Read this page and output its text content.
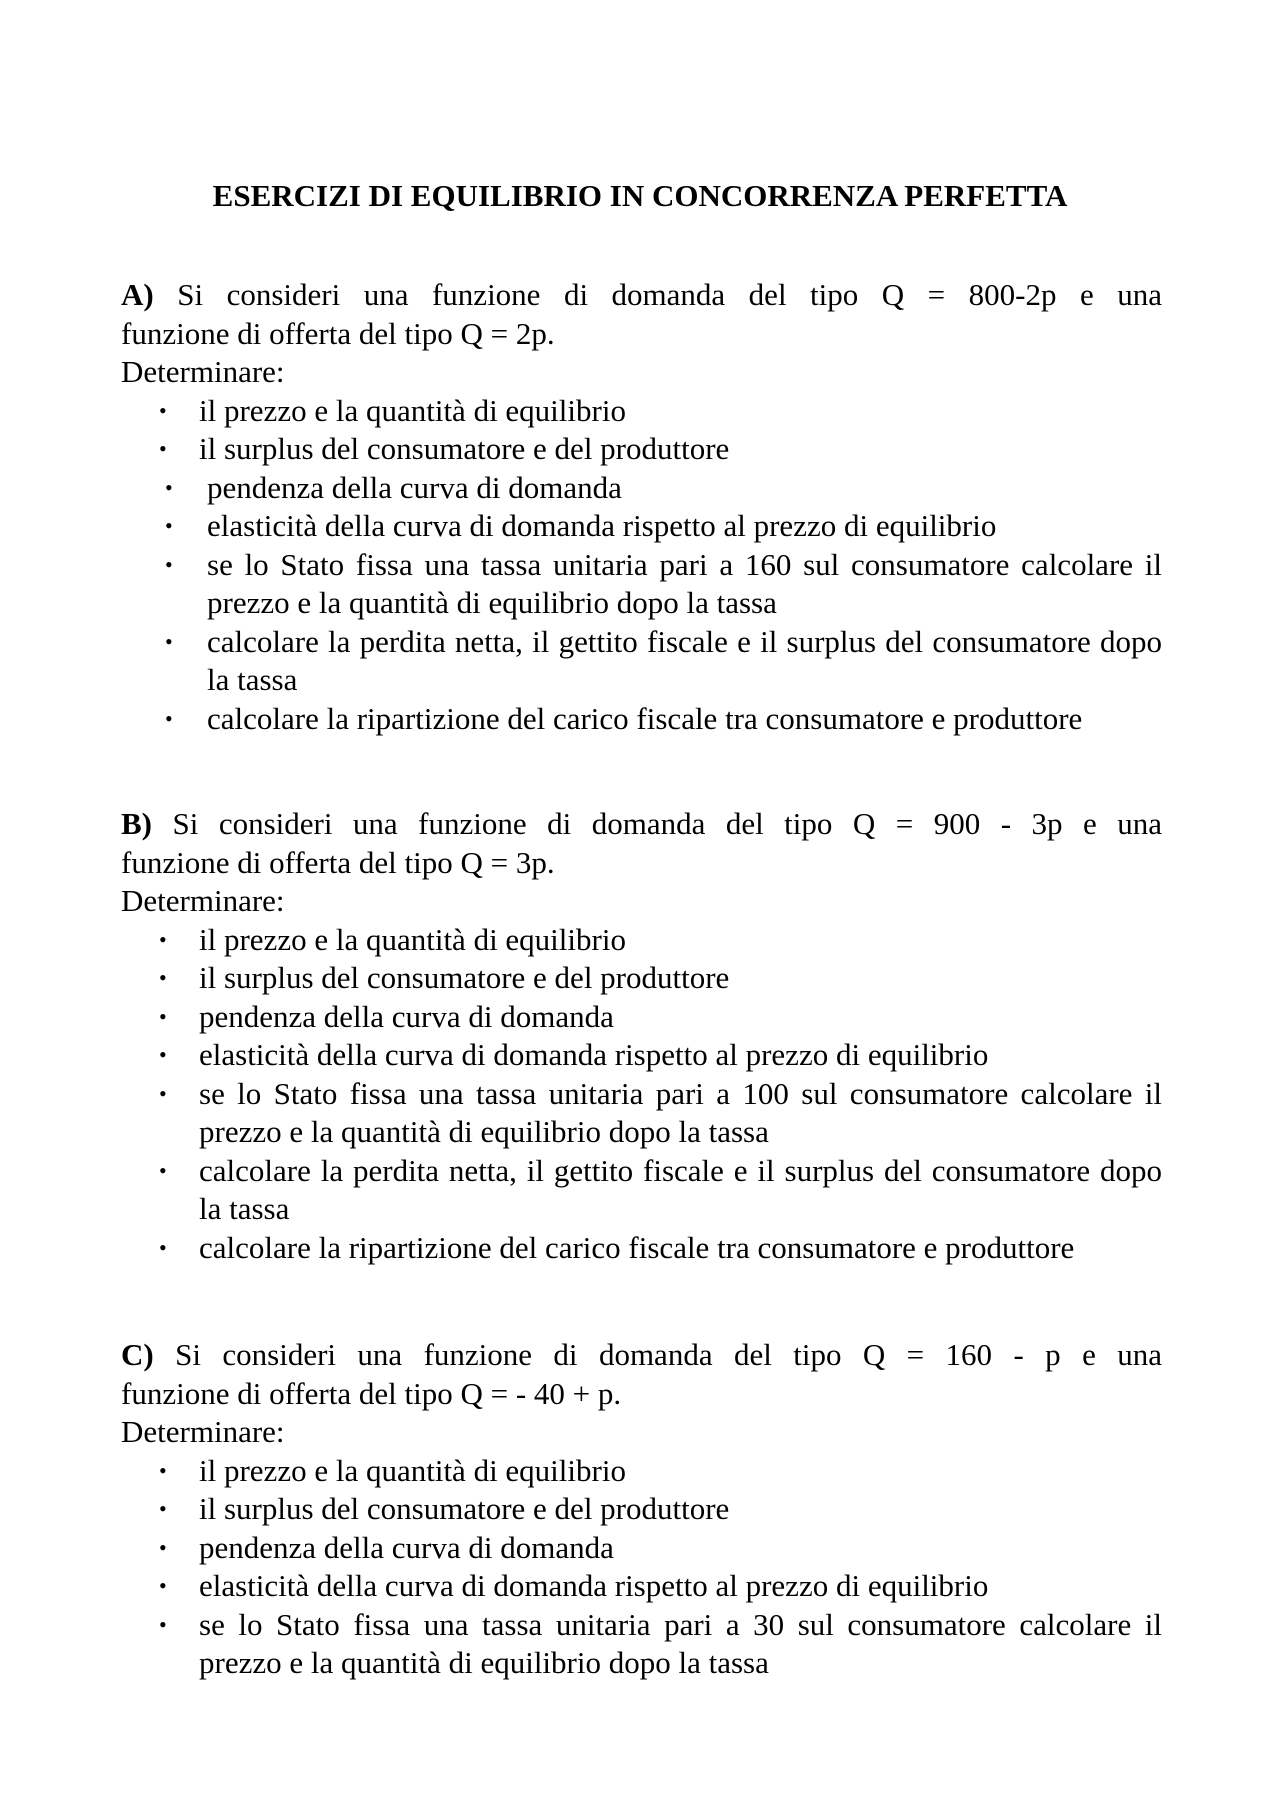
ESERCIZI DI EQUILIBRIO IN CONCORRENZA PERFETTA

A) Si consideri una funzione di domanda del tipo Q = 800-2p e una
funzione di offerta del tipo Q = 2p.

Determinare:

• il prezzo e la quantità di equilibrio
• il surplus del consumatore e del produttore
• pendenza della curva di domanda
• elasticità della curva di domanda rispetto al prezzo di equilibrio
• se lo Stato fissa una tassa unitaria pari a 160 sul consumatore calcolare il prezzo e la quantità di equilibrio dopo la tassa
• calcolare la perdita netta, il gettito fiscale e il surplus del consumatore dopo la tassa
• calcolare la ripartizione del carico fiscale tra consumatore e produttore

B) Si consideri una funzione di domanda del tipo Q = 900 - 3p e una
funzione di offerta del tipo Q = 3p.

Determinare:

• il prezzo e la quantità di equilibrio
• il surplus del consumatore e del produttore
• pendenza della curva di domanda
• elasticità della curva di domanda rispetto al prezzo di equilibrio
• se lo Stato fissa una tassa unitaria pari a 100 sul consumatore calcolare il prezzo e la quantità di equilibrio dopo la tassa
• calcolare la perdita netta, il gettito fiscale e il surplus del consumatore dopo la tassa
• calcolare la ripartizione del carico fiscale tra consumatore e produttore

C) Si consideri una funzione di domanda del tipo Q = 160 - p e una
funzione di offerta del tipo Q = - 40 + p.

Determinare:

• il prezzo e la quantità di equilibrio
• il surplus del consumatore e del produttore
• pendenza della curva di domanda
• elasticità della curva di domanda rispetto al prezzo di equilibrio
• se lo Stato fissa una tassa unitaria pari a 30 sul consumatore calcolare il prezzo e la quantità di equilibrio dopo la tassa
